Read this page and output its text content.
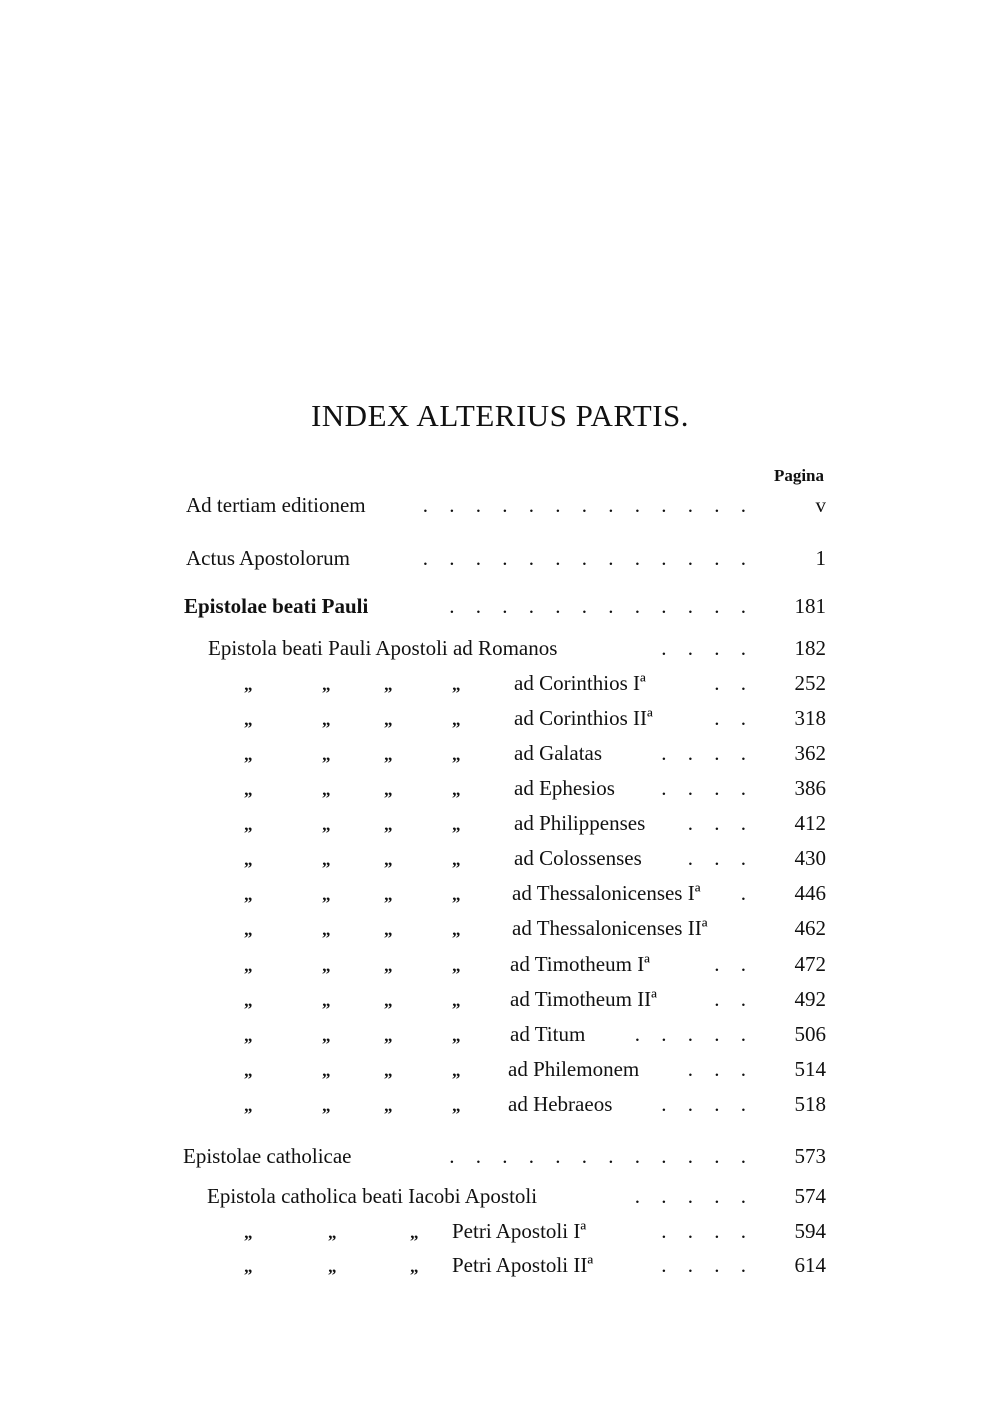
INDEX ALTERIUS PARTIS.
Pagina
Ad tertiam editionem	. . . . . . . . . . . . .	v
Actus Apostolorum	. . . . . . . . . . . . .	1
Epistolae beati Pauli	. . . . . . . . . . . .	181
Epistola beati Pauli Apostoli ad Romanos	. . . .	182
„	„	„	„	ad Corinthios Iª	. .	252
„	„	„	„	ad Corinthios IIª	. .	318
„	„	„	„	ad Galatas	. . . .	362
„	„	„	„	ad Ephesios . . . .	386
„	„	„	„	ad Philippenses . . .	412
„	„	„	„	ad Colossenses . . .	430
„	„	„	„ ad Thessalonicenses Iª .	446
„	„	„	„ ad Thessalonicenses IIª	462
„	„	„	„ ad Timotheum Iª	. .	472
„	„	„	„ ad Timotheum IIª	. .	492
„	„	„	„ ad Titum . . . . .	506
„	„	„	„ ad Philemonem . . .	514
„	„	„	„ ad Hebraeos . . . .	518
Epistolae catholicae	. . . . . . . . . . . .	573
Epistola catholica beati Iacobi Apostoli	. . . . .	574
„	„	„ Petri Apostoli Iª	. . . .	594
„	„	„ Petri Apostoli IIª	. . . .	614
